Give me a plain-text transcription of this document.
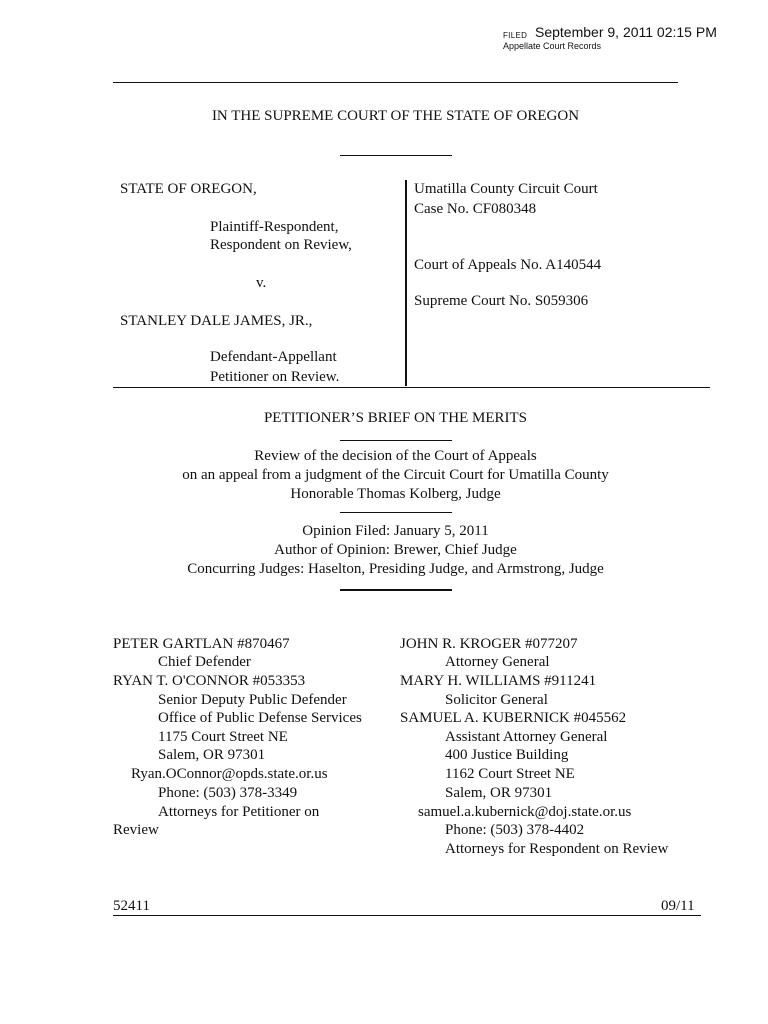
FILED September 9, 2011 02:15 PM
Appellate Court Records
IN THE SUPREME COURT OF THE STATE OF OREGON
STATE OF OREGON,
Plaintiff-Respondent,
Respondent on Review,
v.
STANLEY DALE JAMES, JR.,
Defendant-Appellant
Petitioner on Review.
Umatilla County Circuit Court
Case No. CF080348
Court of Appeals No. A140544
Supreme Court No. S059306
PETITIONER’S BRIEF ON THE MERITS
Review of the decision of the Court of Appeals
on an appeal from a judgment of the Circuit Court for Umatilla County
Honorable Thomas Kolberg, Judge
Opinion Filed: January 5, 2011
Author of Opinion: Brewer, Chief Judge
Concurring Judges: Haselton, Presiding Judge, and Armstrong, Judge
PETER GARTLAN #870467
Chief Defender
RYAN T. O'CONNOR #053353
Senior Deputy Public Defender
Office of Public Defense Services
1175 Court Street NE
Salem, OR 97301
Ryan.OConnor@opds.state.or.us
Phone: (503) 378-3349
Attorneys for Petitioner on
Review
JOHN R. KROGER #077207
Attorney General
MARY H. WILLIAMS #911241
Solicitor General
SAMUEL A. KUBERNICK #045562
Assistant Attorney General
400 Justice Building
1162 Court Street NE
Salem, OR 97301
samuel.a.kubernick@doj.state.or.us
Phone: (503) 378-4402
Attorneys for Respondent on Review
52411	09/11
